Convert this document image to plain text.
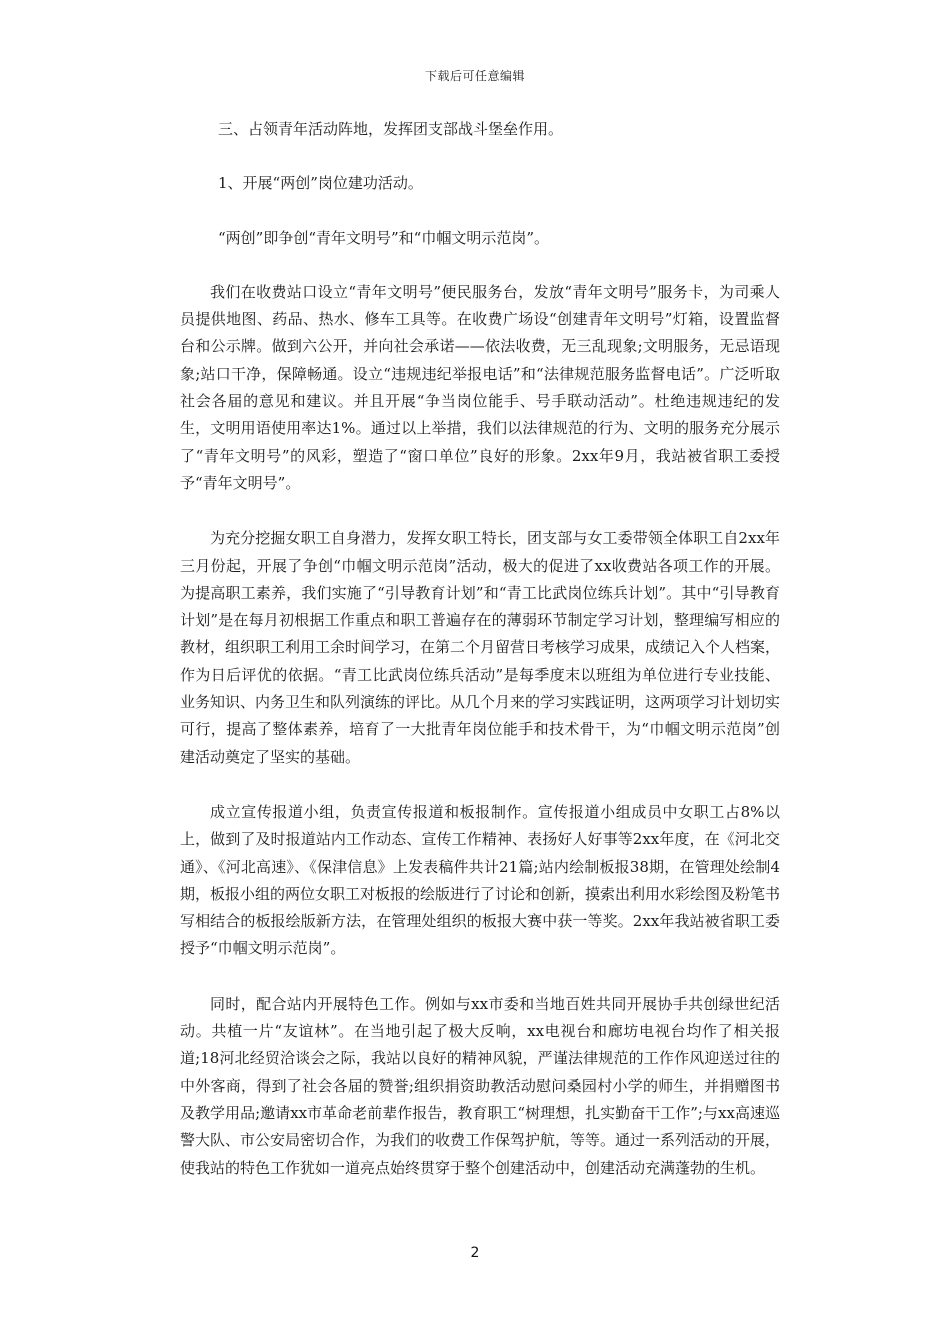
下载后可任意编辑

三、占领青年活动阵地，发挥团支部战斗堡垒作用。

1、开展“两创”岗位建功活动。

“两创”即争创“青年文明号”和“巾帼文明示范岗”。

我们在收费站口设立“青年文明号”便民服务台，发放“青年文明号”服务卡，为司乘人员提供地图、药品、热水、修车工具等。在收费广场设“创建青年文明号”灯箱，设置监督台和公示牌。做到六公开，并向社会承诺——依法收费，无三乱现象;文明服务，无忌语现象;站口干净，保障畅通。设立“违规违纪举报电话”和“法律规范服务监督电话”。广泛听取社会各届的意见和建议。并且开展“争当岗位能手、号手联动活动”。杜绝违规违纪的发生，文明用语使用率达1%。通过以上举措，我们以法律规范的行为、文明的服务充分展示了“青年文明号”的风彩，塑造了“窗口单位”良好的形象。2xx年9月，我站被省职工委授予“青年文明号”。

为充分挖掘女职工自身潜力，发挥女职工特长，团支部与女工委带领全体职工自2xx年三月份起，开展了争创“巾帼文明示范岗”活动，极大的促进了xx收费站各项工作的开展。为提高职工素养，我们实施了“引导教育计划”和“青工比武岗位练兵计划”。其中“引导教育计划”是在每月初根据工作重点和职工普遍存在的薄弱环节制定学习计划，整理编写相应的教材，组织职工利用工余时间学习，在第二个月留营日考核学习成果，成绩记入个人档案，作为日后评优的依据。“青工比武岗位练兵活动”是每季度末以班组为单位进行专业技能、业务知识、内务卫生和队列演练的评比。从几个月来的学习实践证明，这两项学习计划切实可行，提高了整体素养，培育了一大批青年岗位能手和技术骨干，为“巾帼文明示范岗”创建活动奠定了坚实的基础。

成立宣传报道小组，负责宣传报道和板报制作。宣传报道小组成员中女职工占8%以上，做到了及时报道站内工作动态、宣传工作精神、表扬好人好事等2xx年度，在《河北交通》、《河北高速》、《保津信息》上发表稿件共计21篇;站内绘制板报38期，在管理处绘制4期，板报小组的两位女职工对板报的绘版进行了讨论和创新，摸索出利用水彩绘图及粉笔书写相结合的板报绘版新方法，在管理处组织的板报大赛中获一等奖。2xx年我站被省职工委授予“巾帼文明示范岗”。

同时，配合站内开展特色工作。例如与xx市委和当地百姓共同开展协手共创绿世纪活动。共植一片“友谊林”。在当地引起了极大反响，xx电视台和廊坊电视台均作了相关报道;18河北经贸洽谈会之际，我站以良好的精神风貌，严谨法律规范的工作作风迎送过往的中外客商，得到了社会各届的赞誉;组织捐资助教活动慰问桑园村小学的师生，并捐赠图书及教学用品;邀请xx市革命老前辈作报告，教育职工“树理想，扎实勤奋干工作”;与xx高速巡警大队、市公安局密切合作，为我们的收费工作保驾护航，等等。通过一系列活动的开展，使我站的特色工作犹如一道亮点始终贯穿于整个创建活动中，创建活动充满蓬勃的生机。

2
